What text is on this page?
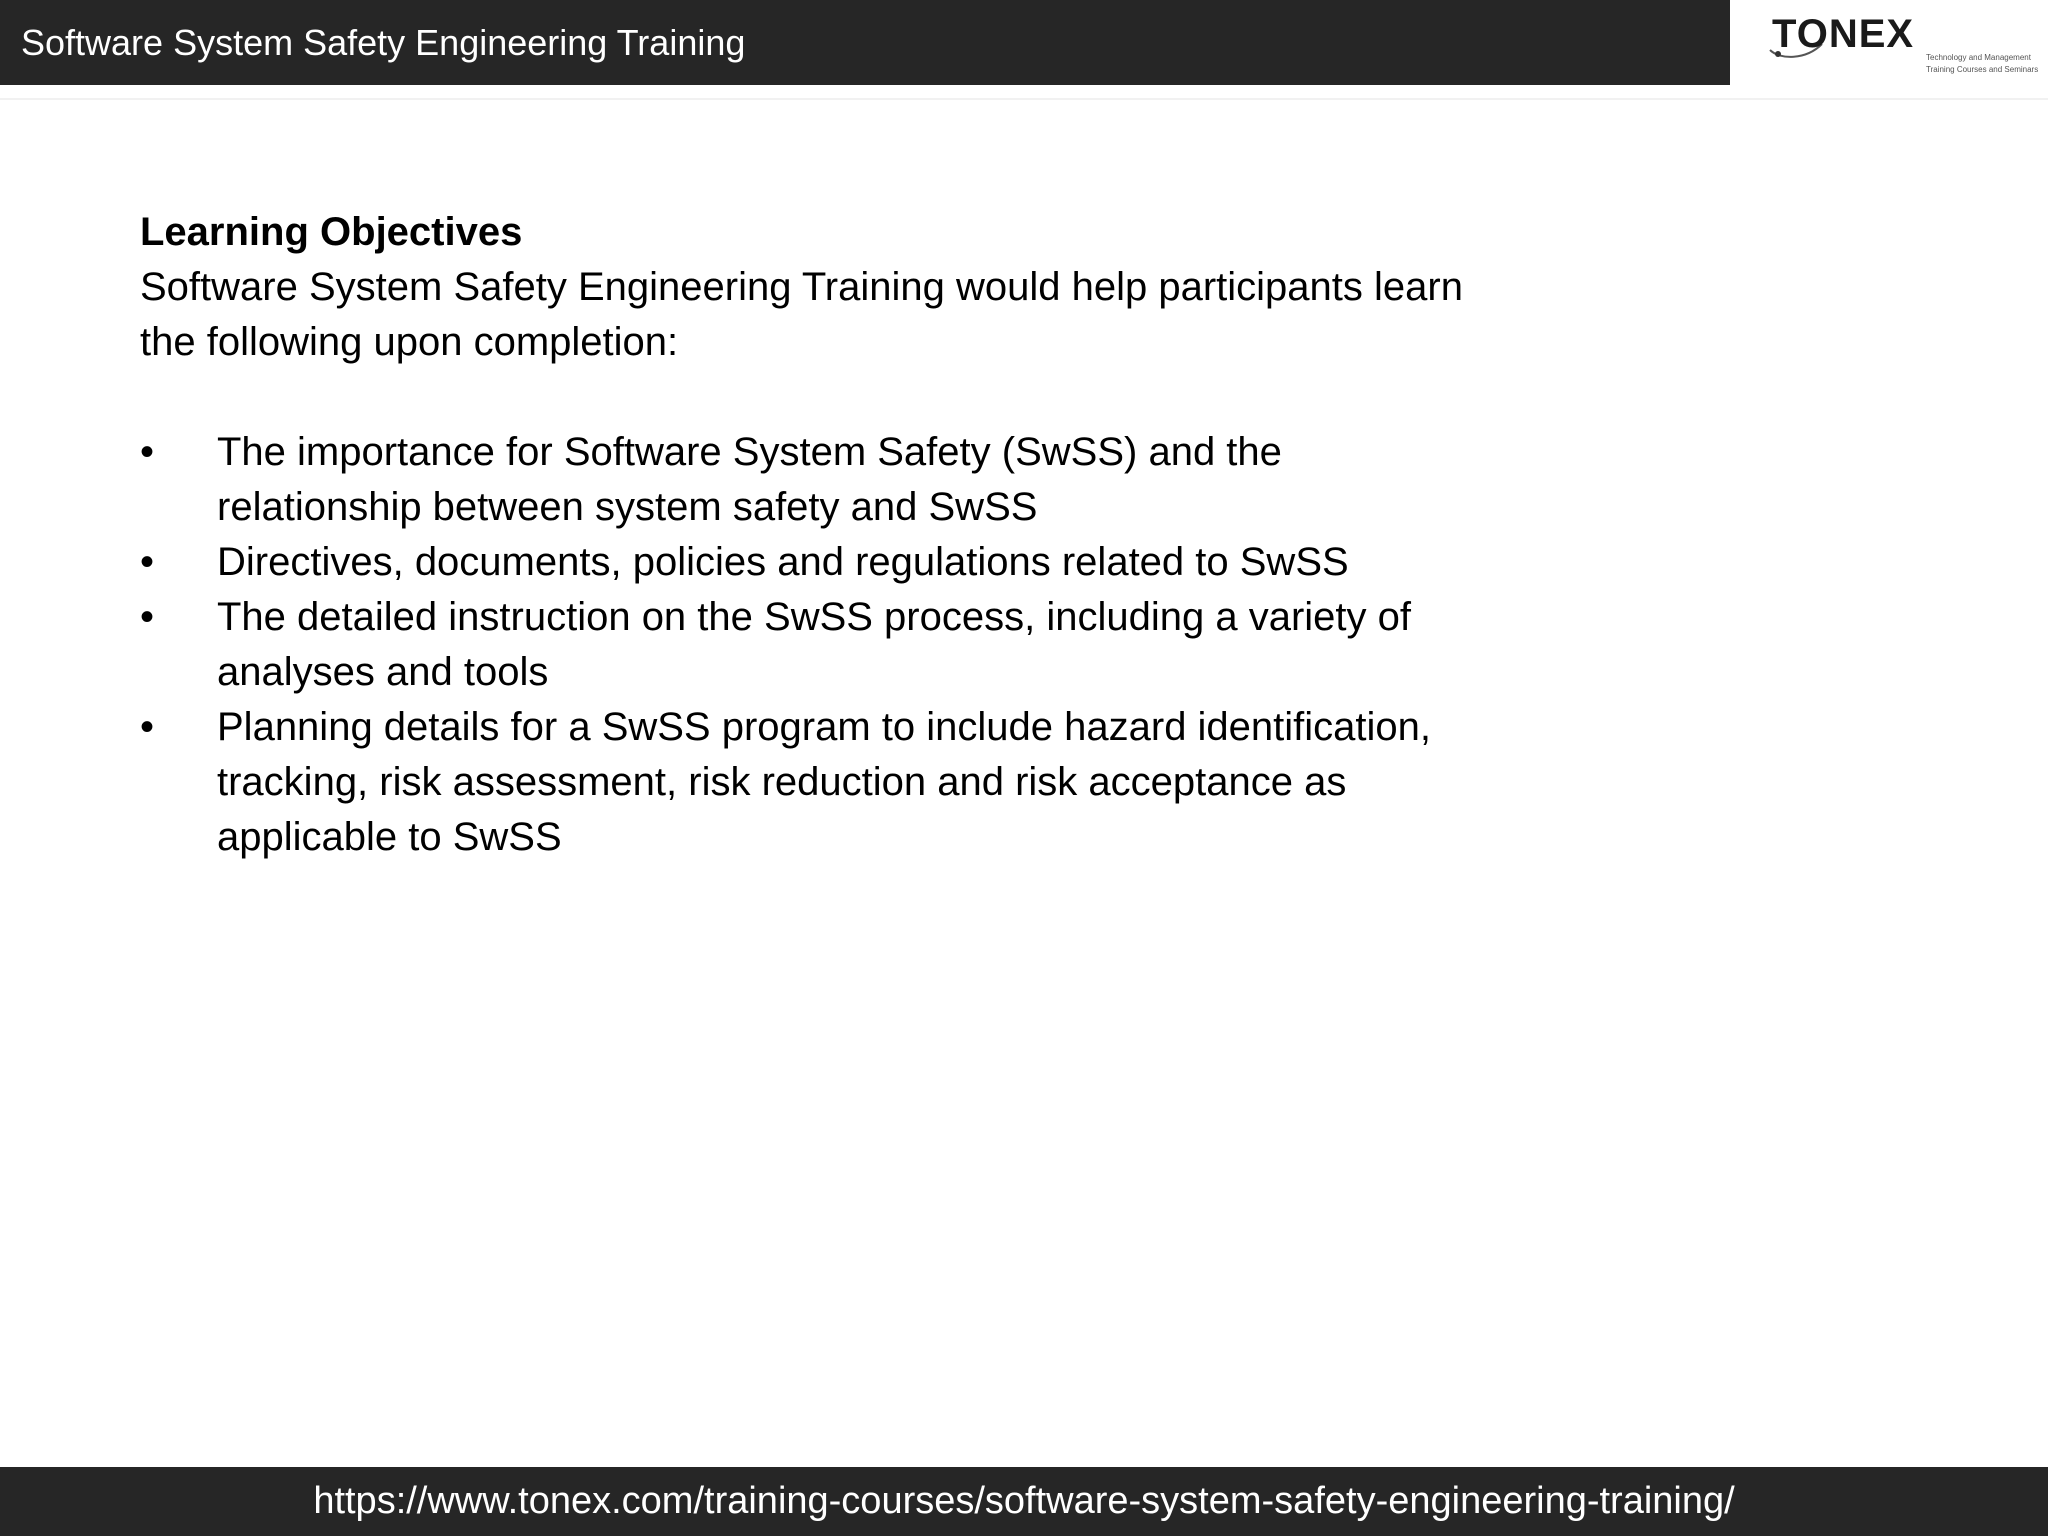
Software System Safety Engineering Training	TONEX
Technology and Management
Training Courses and Seminars

Learning Objectives

Software System Safety Engineering Training would help participants learn the following upon completion:

• The importance for Software System Safety (SwSS) and the relationship between system safety and SwSS
• Directives, documents, policies and regulations related to SwSS
• The detailed instruction on the SwSS process, including a variety of analyses and tools
• Planning details for a SwSS program to include hazard identification, tracking, risk assessment, risk reduction and risk acceptance as applicable to SwSS
https://www.tonex.com/training-courses/software-system-safety-engineering-training/
